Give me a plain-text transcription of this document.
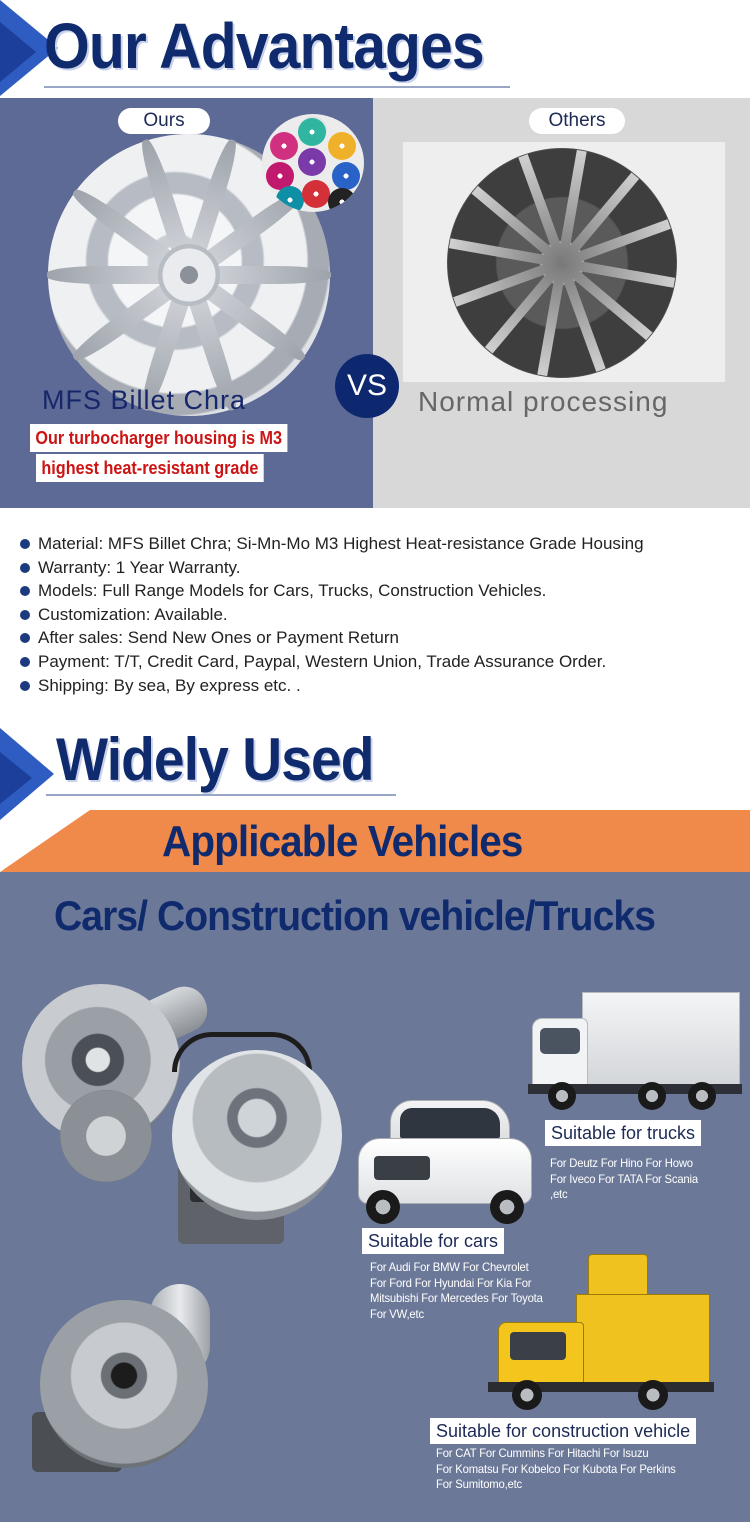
Our Advantages
Ours
MFS Billet Chra
Our turbocharger housing is M3
highest heat-resistant grade
Others
Normal processing
VS
Material: MFS Billet Chra; Si-Mn-Mo M3 Highest Heat-resistance Grade Housing
Warranty: 1 Year Warranty.
Models: Full Range Models for Cars, Trucks, Construction Vehicles.
Customization: Available.
After sales: Send New Ones or Payment Return
Payment: T/T, Credit Card, Paypal, Western Union, Trade Assurance Order.
Shipping: By sea, By express etc. .
Widely Used
Applicable Vehicles
Cars/ Construction vehicle/Trucks
Suitable for trucks
For Deutz For Hino For Howo
For Iveco For TATA For Scania
,etc
Suitable for cars
For Audi For BMW For Chevrolet
For Ford For Hyundai For Kia For
Mitsubishi For Mercedes For Toyota
For VW,etc
Suitable for construction vehicle
For CAT For Cummins For Hitachi For Isuzu
For Komatsu For Kobelco For Kubota For Perkins
For Sumitomo,etc
